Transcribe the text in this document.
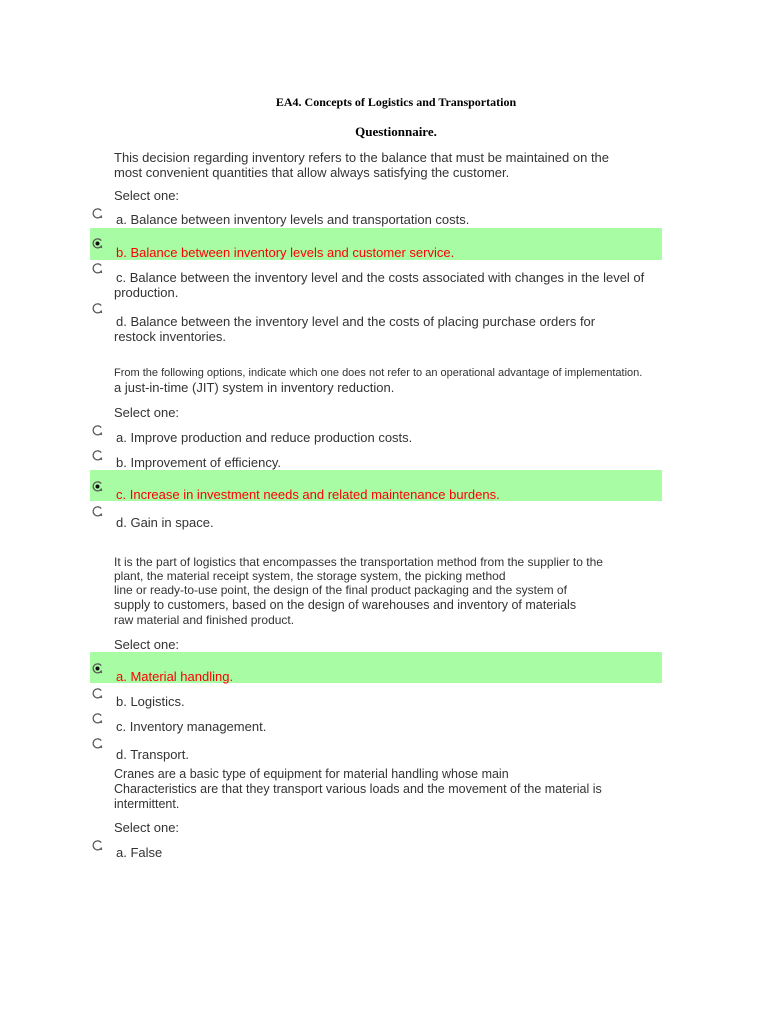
EA4. Concepts of Logistics and Transportation
Questionnaire.
This decision regarding inventory refers to the balance that must be maintained on the
most convenient quantities that allow always satisfying the customer.
Select one:
a. Balance between inventory levels and transportation costs.
b. Balance between inventory levels and customer service.
c. Balance between the inventory level and the costs associated with changes in the level of
production.
d. Balance between the inventory level and the costs of placing purchase orders for
restock inventories.
From the following options, indicate which one does not refer to an operational advantage of implementation.
a just-in-time (JIT) system in inventory reduction.
Select one:
a. Improve production and reduce production costs.
b. Improvement of efficiency.
c. Increase in investment needs and related maintenance burdens.
d. Gain in space.
It is the part of logistics that encompasses the transportation method from the supplier to the
plant, the material receipt system, the storage system, the picking method
line or ready-to-use point, the design of the final product packaging and the system of
supply to customers, based on the design of warehouses and inventory of materials
raw material and finished product.
Select one:
a. Material handling.
b. Logistics.
c. Inventory management.
d. Transport.
Cranes are a basic type of equipment for material handling whose main
Characteristics are that they transport various loads and the movement of the material is
intermittent.
Select one:
a. False
